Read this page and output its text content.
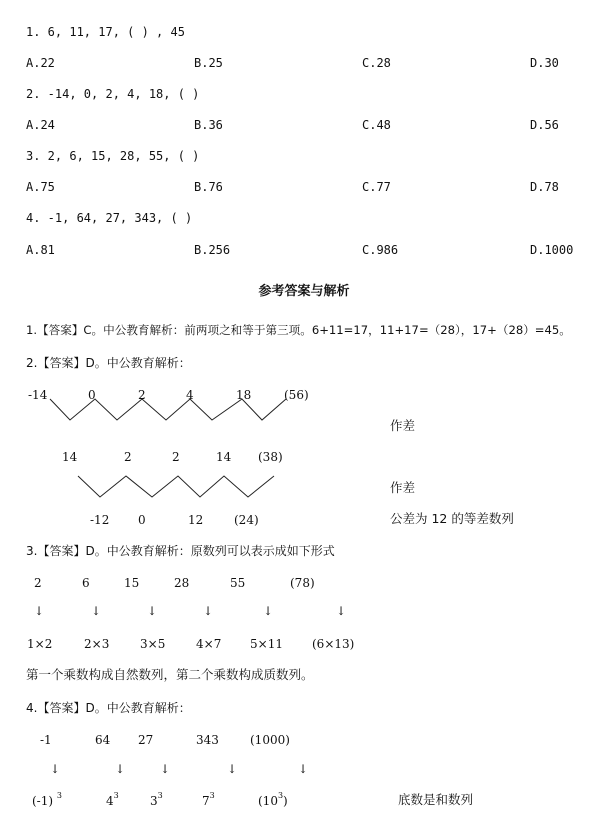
1. 6, 11, 17, ( ) , 45
A.22	B.25	C.28	D.30
2. -14, 0, 2, 4, 18, ( )
A.24	B.36	C.48	D.56
3. 2, 6, 15, 28, 55, ( )
A.75	B.76	C.77	D.78
4. -1, 64, 27, 343, ( )
A.81	B.256	C.986	D.1000
参考答案与解析
1.【答案】C。中公教育解析：前两项之和等于第三项。6+11=17，11+17=（28），17+（28）=45。
2.【答案】D。中公教育解析：
-14	0	2	4	18	(56)
作差
14	2	2	14 (38)
作差
-12 0	12	(24)	公差为 12 的等差数列
3.【答案】D。中公教育解析：原数列可以表示成如下形式
2	6	15	28	55	(78)
↓	↓	↓	↓	↓	↓
1×2	2×3	3×5	4×7 5×11 (6×13)
第一个乘数构成自然数列，第二个乘数构成质数列。
4.【答案】D。中公教育解析：
-1	64 27	343	(1000)
↓	↓	↓	↓	↓
(-1) $^3$	$4^3$	$3^3$	$7^3$	$(10^3)$	底数是和数列
